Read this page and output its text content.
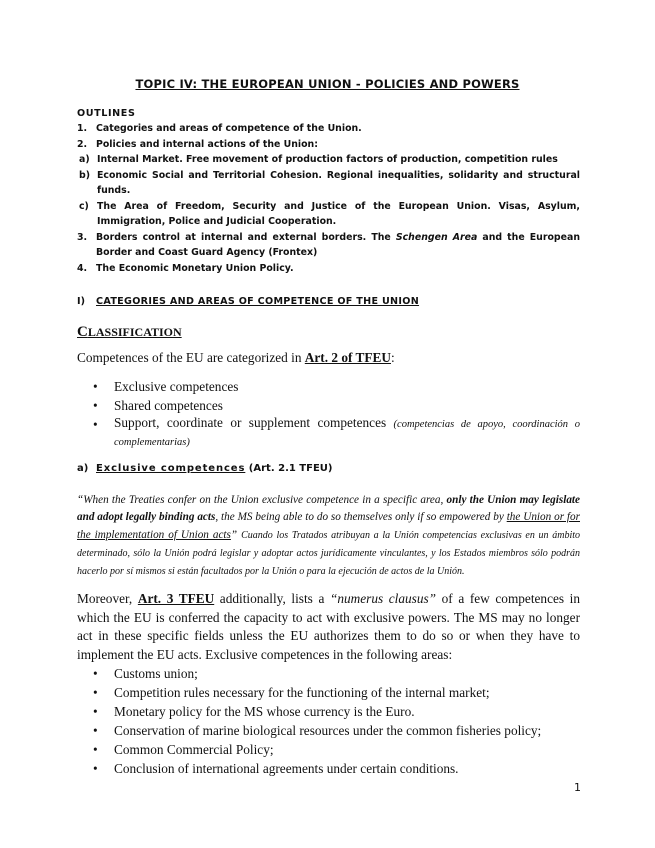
TOPIC IV: THE EUROPEAN UNION - POLICIES AND POWERS
OUTLINES
1. Categories and areas of competence of the Union.
2. Policies and internal actions of the Union:
a) Internal Market. Free movement of production factors of production, competition rules
b) Economic Social and Territorial Cohesion. Regional inequalities, solidarity and structural funds.
c) The Area of Freedom, Security and Justice of the European Union. Visas, Asylum, Immigration, Police and Judicial Cooperation.
3. Borders control at internal and external borders. The Schengen Area and the European Border and Coast Guard Agency (Frontex)
4. The Economic Monetary Union Policy.
I) CATEGORIES AND AREAS OF COMPETENCE OF THE UNION
CLASSIFICATION
Competences of the EU are categorized in Art. 2 of TFEU:
•	Exclusive competences
•	Shared competences
•	Support, coordinate or supplement competences (competencias de apoyo, coordinación o complementarias)
a) Exclusive competences (Art. 2.1 TFEU)
“When the Treaties confer on the Union exclusive competence in a specific area, only the Union may legislate and adopt legally binding acts, the MS being able to do so themselves only if so empowered by the Union or for the implementation of Union acts” Cuando los Tratados atribuyan a la Unión competencias exclusivas en un ámbito determinado, sólo la Unión podrá legislar y adoptar actos jurídicamente vinculantes, y los Estados miembros sólo podrán hacerlo por sí mismos si están facultados por la Unión o para la ejecución de actos de la Unión.
Moreover, Art. 3 TFEU additionally, lists a “numerus clausus” of a few competences in which the EU is conferred the capacity to act with exclusive powers. The MS may no longer act in these specific fields unless the EU authorizes them to do so or when they have to implement the EU acts. Exclusive competences in the following areas:
•	Customs union;
•	Competition rules necessary for the functioning of the internal market;
•	Monetary policy for the MS whose currency is the Euro.
•	Conservation of marine biological resources under the common fisheries policy;
•	Common Commercial Policy;
•	Conclusion of international agreements under certain conditions.
1
